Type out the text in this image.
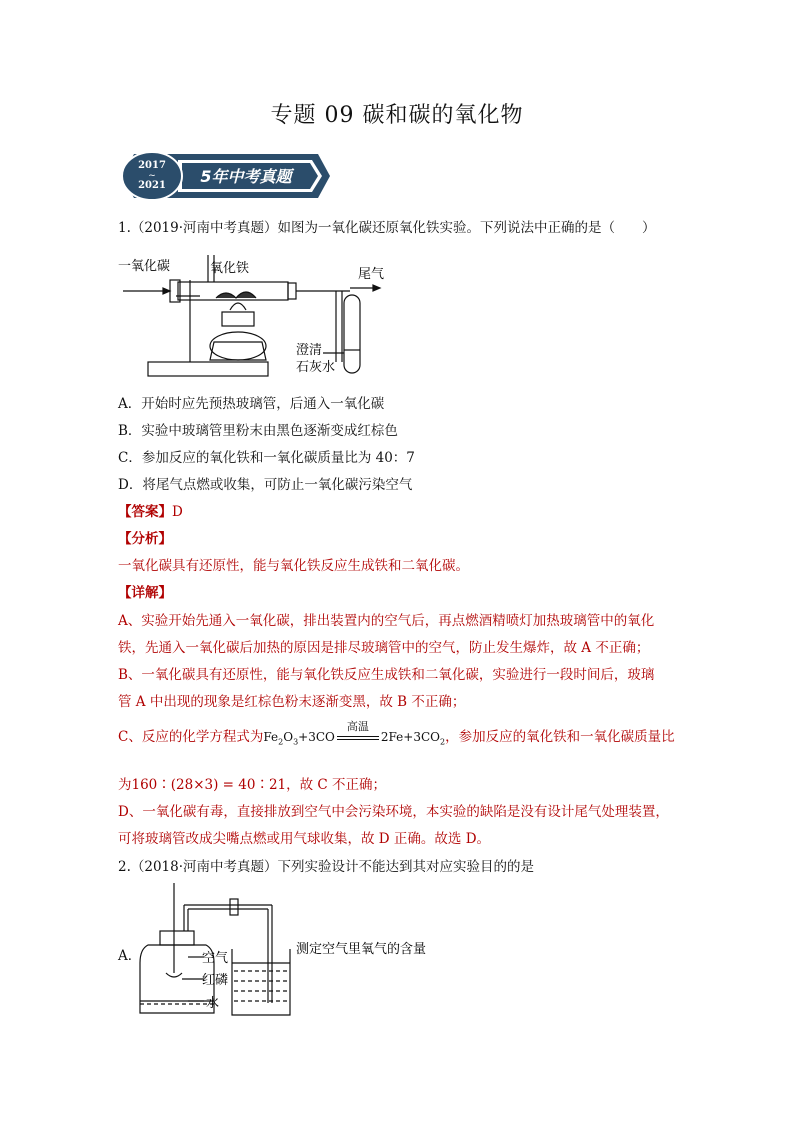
专题 09 碳和碳的氧化物
2017
~
2021 5年中考真题
1.（2019·河南中考真题）如图为一氧化碳还原氧化铁实验。下列说法中正确的是（　　）
一氧化碳	氧化铁	尾气
澄清
石灰水
A．开始时应先预热玻璃管，后通入一氧化碳
B．实验中玻璃管里粉末由黑色逐渐变成红棕色
C．参加反应的氧化铁和一氧化碳质量比为 40：7
D．将尾气点燃或收集，可防止一氧化碳污染空气
【答案】D
【分析】
一氧化碳具有还原性，能与氧化铁反应生成铁和二氧化碳。
【详解】
A、实验开始先通入一氧化碳，排出装置内的空气后，再点燃酒精喷灯加热玻璃管中的氧化
铁，先通入一氧化碳后加热的原因是排尽玻璃管中的空气，防止发生爆炸，故 A 不正确；
B、一氧化碳具有还原性，能与氧化铁反应生成铁和二氧化碳，实验进行一段时间后，玻璃
管 A 中出现的现象是红棕色粉末逐渐变黑，故 B 不正确；
C、反应的化学方程式为$Fe_2O_3+3CO$
高温
$2Fe+3CO_2$，参加反应的氧化铁和一氧化碳质量比
为160∶(28×3) = 40∶21，故 C 不正确；
D、一氧化碳有毒，直接排放到空气中会污染环境，本实验的缺陷是没有设计尾气处理装置，
可将玻璃管改成尖嘴点燃或用气球收集，故 D 正确。故选 D。
2.（2018·河南中考真题）下列实验设计不能达到其对应实验目的的是
A．	空气
红磷
水
测定空气里氧气的含量
